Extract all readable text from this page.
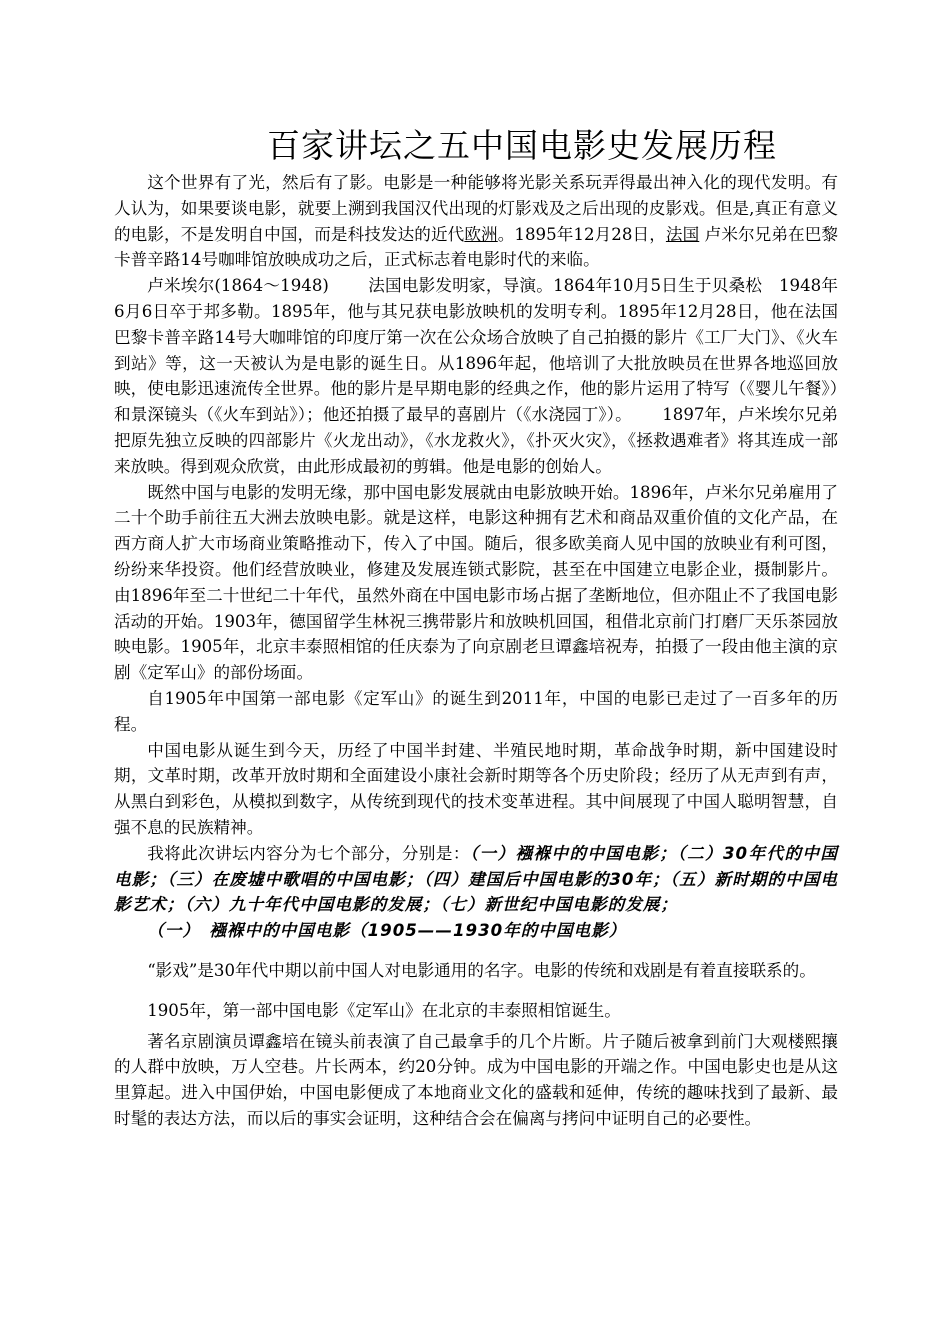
百家讲坛之五中国电影史发展历程

这个世界有了光，然后有了影。电影是一种能够将光影关系玩弄得最出神入化的现代发明。有人认为，如果要谈电影，就要上溯到我国汉代出现的灯影戏及之后出现的皮影戏。但是,真正有意义的电影，不是发明自中国，而是科技发达的近代欧洲。1895年12月28日，法国 卢米尔兄弟在巴黎卡普辛路14号咖啡馆放映成功之后，正式标志着电影时代的来临。

卢米埃尔(1864～1948)　　 法国电影发明家，导演。1864年10月5日生于贝桑松　1948年6月6日卒于邦多勒。1895年，他与其兄获电影放映机的发明专利。1895年12月28日，他在法国巴黎卡普辛路14号大咖啡馆的印度厅第一次在公众场合放映了自己拍摄的影片《工厂大门》、《火车到站》等，这一天被认为是电影的诞生日。从1896年起，他培训了大批放映员在世界各地巡回放映，使电影迅速流传全世界。他的影片是早期电影的经典之作，他的影片运用了特写（《婴儿午餐》）和景深镜头（《火车到站》）；他还拍摄了最早的喜剧片（《水浇园丁》）。　　 1897年，卢米埃尔兄弟把原先独立反映的四部影片《火龙出动》，《水龙救火》，《扑灭火灾》，《拯救遇难者》将其连成一部来放映。得到观众欣赏，由此形成最初的剪辑。他是电影的创始人。

既然中国与电影的发明无缘，那中国电影发展就由电影放映开始。1896年，卢米尔兄弟雇用了二十个助手前往五大洲去放映电影。就是这样，电影这种拥有艺术和商品双重价值的文化产品，在西方商人扩大市场商业策略推动下，传入了中国。随后，很多欧美商人见中国的放映业有利可图，纷纷来华投资。他们经营放映业，修建及发展连锁式影院，甚至在中国建立电影企业，摄制影片。由1896年至二十世纪二十年代，虽然外商在中国电影市场占据了垄断地位，但亦阻止不了我国电影活动的开始。1903年，德国留学生林祝三携带影片和放映机回国，租借北京前门打磨厂天乐茶园放映电影。1905年，北京丰泰照相馆的任庆泰为了向京剧老旦谭鑫培祝寿，拍摄了一段由他主演的京剧《定军山》的部份场面。

自1905年中国第一部电影《定军山》的诞生到2011年，中国的电影已走过了一百多年的历程。

中国电影从诞生到今天，历经了中国半封建、半殖民地时期，革命战争时期，新中国建设时期，文革时期，改革开放时期和全面建设小康社会新时期等各个历史阶段；经历了从无声到有声，从黑白到彩色，从模拟到数字，从传统到现代的技术变革进程。其中间展现了中国人聪明智慧，自强不息的民族精神。

我将此次讲坛内容分为七个部分，分别是：（一）襁褓中的中国电影；（二）30年代的中国电影；（三）在废墟中歌唱的中国电影；（四）建国后中国电影的30年；（五）新时期的中国电影艺术；（六）九十年代中国电影的发展；（七）新世纪中国电影的发展；

（一）　襁褓中的中国电影（1905——1930年的中国电影）

“影戏”是30年代中期以前中国人对电影通用的名字。电影的传统和戏剧是有着直接联系的。

1905年，第一部中国电影《定军山》在北京的丰泰照相馆诞生。

著名京剧演员谭鑫培在镜头前表演了自己最拿手的几个片断。片子随后被拿到前门大观楼熙攘的人群中放映，万人空巷。片长两本，约20分钟。成为中国电影的开端之作。中国电影史也是从这里算起。进入中国伊始，中国电影便成了本地商业文化的盛载和延伸，传统的趣味找到了最新、最时髦的表达方法，而以后的事实会证明，这种结合会在偏离与拷问中证明自己的必要性。
